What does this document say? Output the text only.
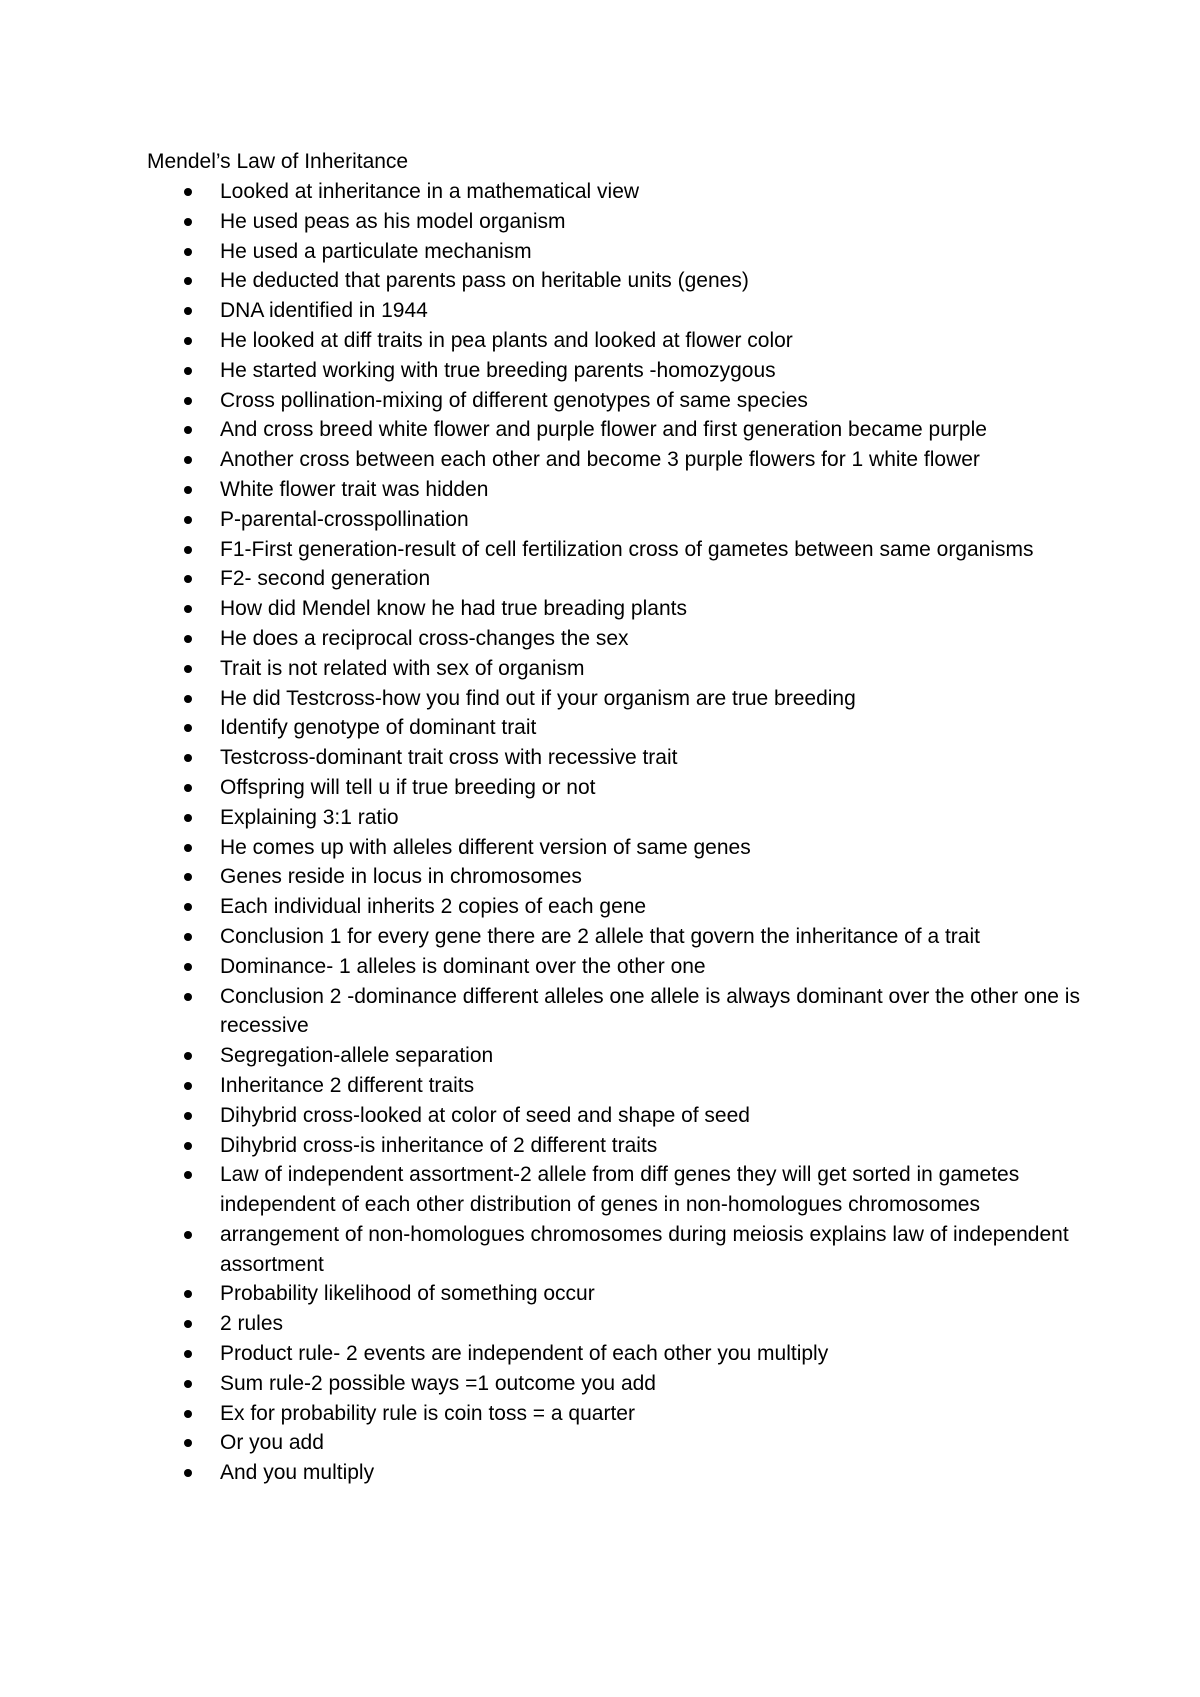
Mendel’s Law of Inheritance
Looked at inheritance in a mathematical view
He used peas as his model organism
He used a particulate mechanism
He deducted that parents pass on heritable units (genes)
DNA identified in 1944
He looked at diff traits in pea plants and looked at flower color
He started working with true breeding parents -homozygous
Cross pollination-mixing of different genotypes of same species
And cross breed white flower and purple flower and first generation became purple
Another cross between each other and become 3 purple flowers for 1 white flower
White flower trait was hidden
P-parental-crosspollination
F1-First generation-result of cell fertilization cross of gametes between same organisms
F2- second generation
How did Mendel know he had true breading plants
He does a reciprocal cross-changes the sex
Trait is not related with sex of organism
He did Testcross-how you find out if your organism are true breeding
Identify genotype of dominant trait
Testcross-dominant trait cross with recessive trait
Offspring will tell u if true breeding or not
Explaining 3:1 ratio
He comes up with alleles different version of same genes
Genes reside in locus in chromosomes
Each individual inherits 2 copies of each gene
Conclusion 1 for every gene there are 2 allele that govern the inheritance of a trait
Dominance- 1 alleles is dominant over the other one
Conclusion 2 -dominance different alleles one allele is always dominant over the other one is recessive
Segregation-allele separation
Inheritance 2 different traits
Dihybrid cross-looked at color of seed and shape of seed
Dihybrid cross-is inheritance of 2 different traits
Law of independent assortment-2 allele from diff genes they will get sorted in gametes independent of each other distribution of genes in non-homologues chromosomes
arrangement of non-homologues chromosomes during meiosis explains law of independent assortment
Probability likelihood of something occur
2 rules
Product rule- 2 events are independent of each other you multiply
Sum rule-2 possible ways =1 outcome you add
Ex for probability rule is coin toss = a quarter
Or you add
And you multiply
